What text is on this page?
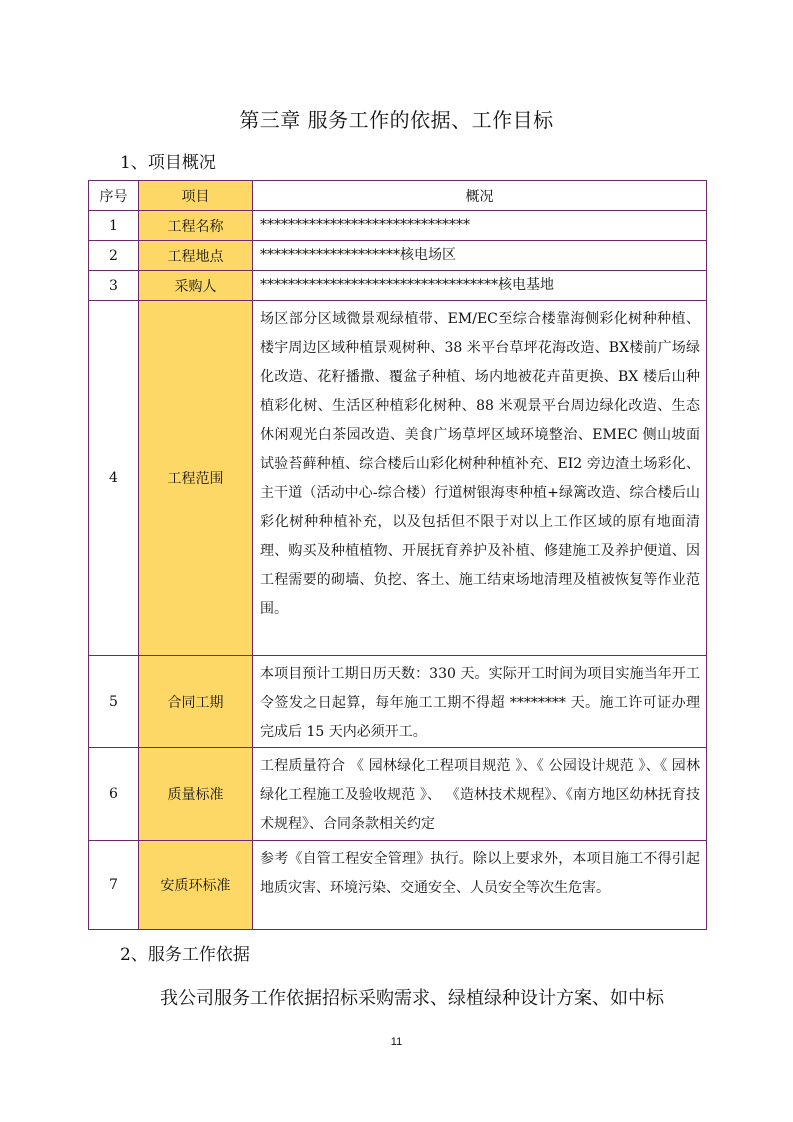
第三章 服务工作的依据、工作目标
1、项目概况
序号	项目	概况
1	工程名称	******************************
2	工程地点	********************核电场区
3	采购人	**********************************核电基地
4	工程范围	场区部分区域微景观绿植带、EM/EC至综合楼靠海侧彩化树种种植、楼宇周边区域种植景观树种、38 米平台草坪花海改造、BX楼前广场绿化改造、花籽播撒、覆盆子种植、场内地被花卉苗更换、BX 楼后山种植彩化树、生活区种植彩化树种、88 米观景平台周边绿化改造、生态休闲观光白茶园改造、美食广场草坪区域环境整治、EMEC 侧山坡面试验苔藓种植、综合楼后山彩化树种种植补充、EI2 旁边渣土场彩化、主干道（活动中心-综合楼）行道树银海枣种植+绿篱改造、综合楼后山彩化树种种植补充，以及包括但不限于对以上工作区域的原有地面清理、购买及种植植物、开展抚育养护及补植、修建施工及养护便道、因工程需要的砌墙、负挖、客土、施工结束场地清理及植被恢复等作业范围。
5	合同工期	本项目预计工期日历天数：330 天。实际开工时间为项目实施当年开工令签发之日起算，每年施工工期不得超 ******** 天。施工许可证办理完成后 15 天内必须开工。
6	质量标准	工程质量符合 《 园林绿化工程项目规范 》、《 公园设计规范 》、《 园林绿化工程施工及验收规范 》、 《造林技术规程》、《南方地区幼林抚育技术规程》、合同条款相关约定
7	安质环标准	参考《自管工程安全管理》执行。除以上要求外，本项目施工不得引起地质灾害、环境污染、交通安全、人员安全等次生危害。
2、服务工作依据
我公司服务工作依据招标采购需求、绿植绿种设计方案、如中标
11
